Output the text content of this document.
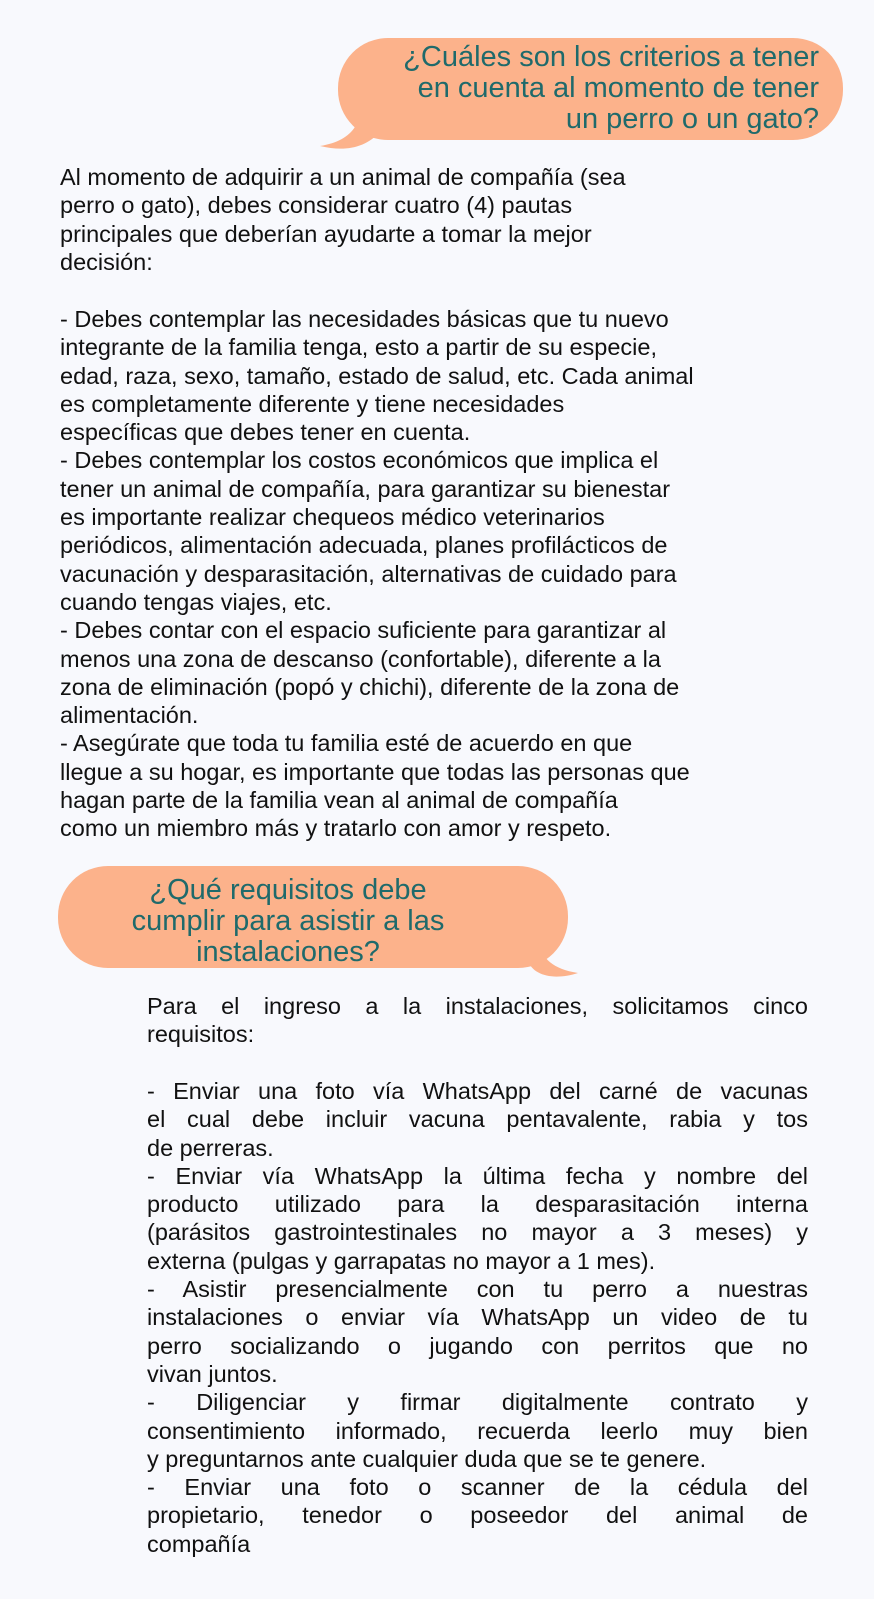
¿Cuáles son los criterios a tener
en cuenta al momento de tener
un perro o un gato?
Al momento de adquirir a un animal de compañía (sea
perro o gato), debes considerar cuatro (4) pautas
principales que deberían ayudarte a tomar la mejor
decisión:
- Debes contemplar las necesidades básicas que tu nuevo
integrante de la familia tenga, esto a partir de su especie,
edad, raza, sexo, tamaño, estado de salud, etc. Cada animal
es completamente diferente y tiene necesidades
específicas que debes tener en cuenta.
- Debes contemplar los costos económicos que implica el
tener un animal de compañía, para garantizar su bienestar
es importante realizar chequeos médico veterinarios
periódicos, alimentación adecuada, planes profilácticos de
vacunación y desparasitación, alternativas de cuidado para
cuando tengas viajes, etc.
- Debes contar con el espacio suficiente para garantizar al
menos una zona de descanso (confortable), diferente a la
zona de eliminación (popó y chichi), diferente de la zona de
alimentación.
- Asegúrate que toda tu familia esté de acuerdo en que
llegue a su hogar, es importante que todas las personas que
hagan parte de la familia vean al animal de compañía
como un miembro más y tratarlo con amor y respeto.
¿Qué requisitos debe
cumplir para asistir a las
instalaciones?
Para el ingreso a la instalaciones, solicitamos cinco
requisitos:
- Enviar una foto vía WhatsApp del carné de vacunas
el cual debe incluir vacuna pentavalente, rabia y tos
de perreras.
- Enviar vía WhatsApp la última fecha y nombre del
producto utilizado para la desparasitación interna
(parásitos gastrointestinales no mayor a 3 meses) y
externa (pulgas y garrapatas no mayor a 1 mes).
- Asistir presencialmente con tu perro a nuestras
instalaciones o enviar vía WhatsApp un video de tu
perro socializando o jugando con perritos que no
vivan juntos.
- Diligenciar y firmar digitalmente contrato y
consentimiento informado, recuerda leerlo muy bien
y preguntarnos ante cualquier duda que se te genere.
- Enviar una foto o scanner de la cédula del
propietario, tenedor o poseedor del animal de
compañía
